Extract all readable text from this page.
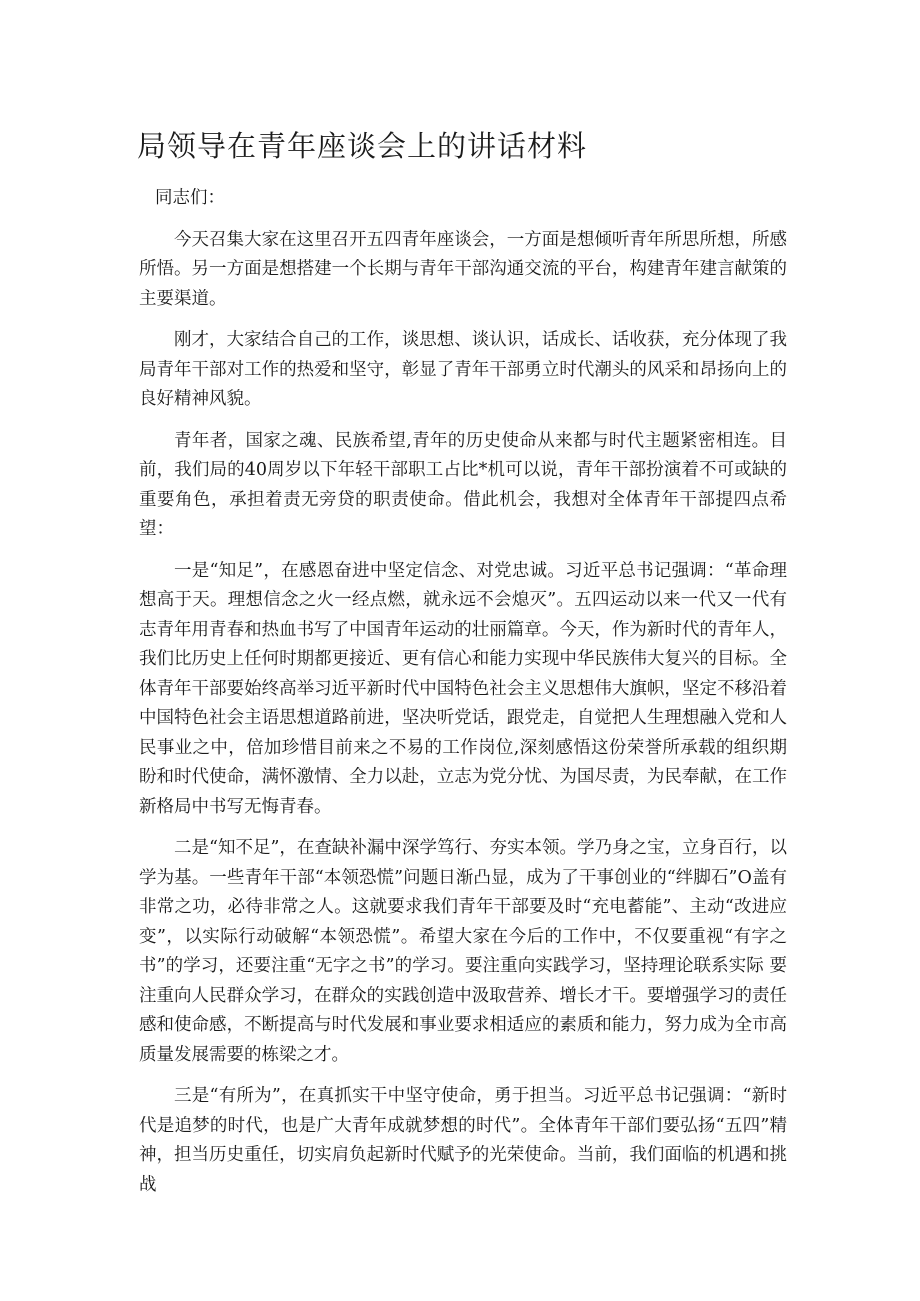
局领导在青年座谈会上的讲话材料

同志们：

今天召集大家在这里召开五四青年座谈会，一方面是想倾听青年所思所想，所感所悟。另一方面是想搭建一个长期与青年干部沟通交流的平台，构建青年建言献策的主要渠道。

刚才，大家结合自己的工作，谈思想、谈认识，话成长、话收获，充分体现了我局青年干部对工作的热爱和坚守，彰显了青年干部勇立时代潮头的风采和昂扬向上的良好精神风貌。

青年者，国家之魂、民族希望,青年的历史使命从来都与时代主题紧密相连。目前，我们局的40周岁以下年轻干部职工占比*机可以说，青年干部扮演着不可或缺的重要角色，承担着责无旁贷的职责使命。借此机会，我想对全体青年干部提四点希望：

一是“知足”，在感恩奋进中坚定信念、对党忠诚。习近平总书记强调：“革命理想高于天。理想信念之火一经点燃，就永远不会熄灭”。五四运动以来一代又一代有志青年用青春和热血书写了中国青年运动的壮丽篇章。今天，作为新时代的青年人，我们比历史上任何时期都更接近、更有信心和能力实现中华民族伟大复兴的目标。全体青年干部要始终高举习近平新时代中国特色社会主义思想伟大旗帜，坚定不移沿着中国特色社会主语思想道路前进，坚决听党话，跟党走，自觉把人生理想融入党和人民事业之中，倍加珍惜目前来之不易的工作岗位,深刻感悟这份荣誉所承载的组织期盼和时代使命，满怀激情、全力以赴，立志为党分忧、为国尽责，为民奉献，在工作新格局中书写无悔青春。

二是“知不足”，在查缺补漏中深学笃行、夯实本领。学乃身之宝，立身百行，以学为基。一些青年干部“本领恐慌”问题日渐凸显，成为了干事创业的“绊脚石”O盖有非常之功，必待非常之人。这就要求我们青年干部要及时“充电蓄能”、主动“改进应变”，以实际行动破解“本领恐慌”。希望大家在今后的工作中，不仅要重视“有字之书”的学习，还要注重“无字之书”的学习。要注重向实践学习，坚持理论联系实际 要注重向人民群众学习，在群众的实践创造中汲取营养、增长才干。要增强学习的责任感和使命感，不断提高与时代发展和事业要求相适应的素质和能力，努力成为全市高质量发展需要的栋梁之才。

三是“有所为”，在真抓实干中坚守使命，勇于担当。习近平总书记强调：“新时代是追梦的时代，也是广大青年成就梦想的时代”。全体青年干部们要弘扬“五四”精神，担当历史重任，切实肩负起新时代赋予的光荣使命。当前，我们面临的机遇和挑战
